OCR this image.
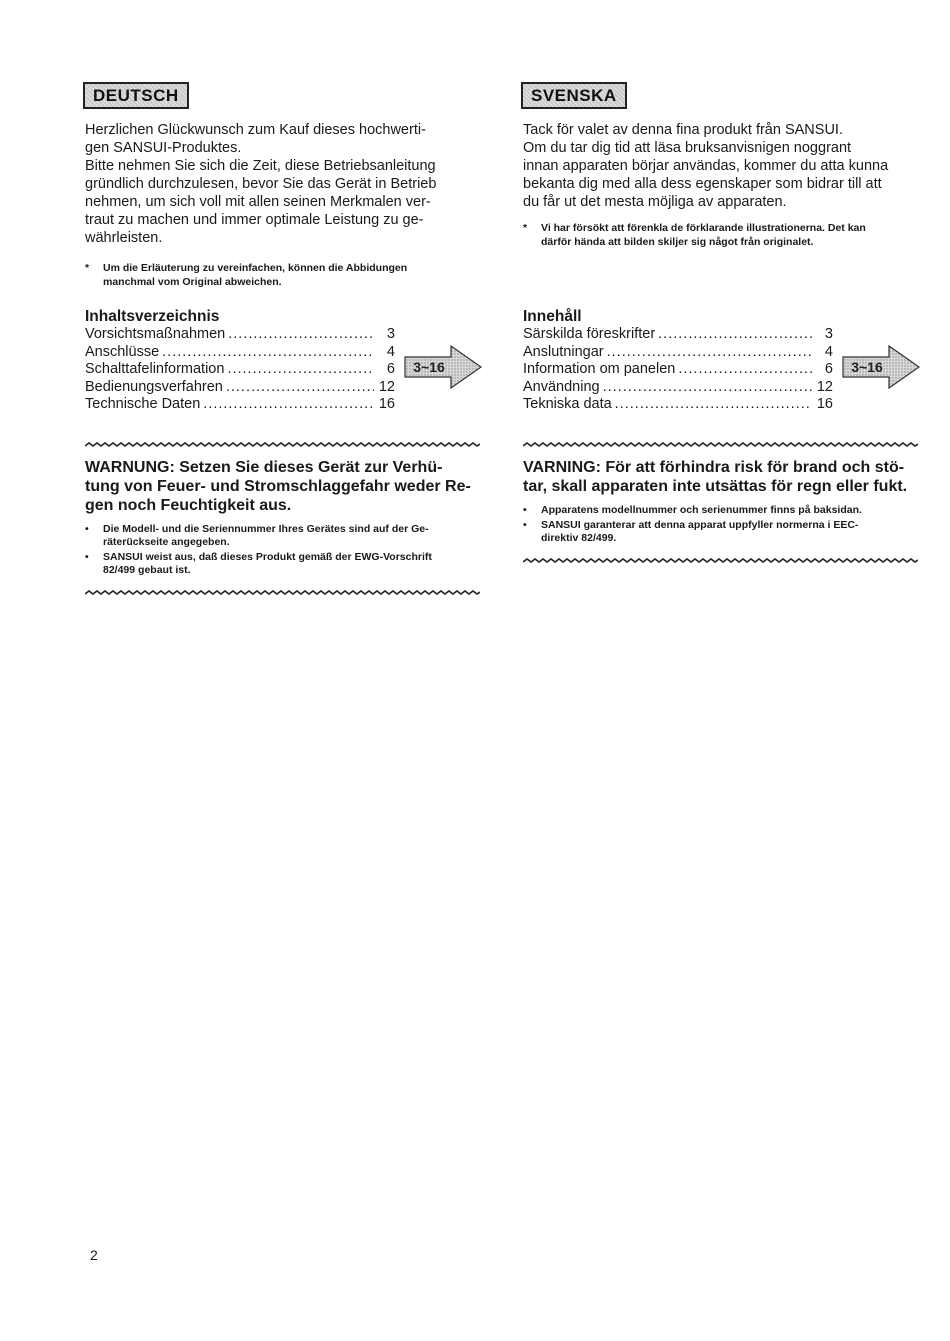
DEUTSCH

Herzlichen Glückwunsch zum Kauf dieses hochwerti-

gen SANSUI-Produktes.

Bitte nehmen Sie sich die Zeit, diese Betriebsanleitung

gründlich durchzulesen, bevor Sie das Gerät in Betrieb

nehmen, um sich voll mit allen seinen Merkmalen ver-

traut zu machen und immer optimale Leistung zu ge-

währleisten.

*	Um die Erläuterung zu vereinfachen, können die Abbidungen
manchmal vom Original abweichen.

Inhaltsverzeichnis

Vorsichtsmaßnahmen .....	3
Anschlüsse .....	4
Schalttafelinformation .....	6
Bedienungsverfahren .....	12
Technische Daten .....	16
3~16

WARNUNG: Setzen Sie dieses Gerät zur Verhü-

tung von Feuer- und Stromschlaggefahr weder Re-

gen noch Feuchtigkeit aus.

•	Die Modell- und die Seriennummer Ihres Gerätes sind auf der Ge-
räterückseite angegeben.
•	SANSUI weist aus, daß dieses Produkt gemäß der EWG-Vorschrift
82/499 gebaut ist.
SVENSKA

Tack för valet av denna fina produkt från SANSUI.

Om du tar dig tid att läsa bruksanvisnigen noggrant

innan apparaten börjar användas, kommer du atta kunna

bekanta dig med alla dess egenskaper som bidrar till att

du får ut det mesta möjliga av apparaten.

*	Vi har försökt att förenkla de förklarande illustrationerna. Det kan
därför hända att bilden skiljer sig något från originalet.

Innehåll

Särskilda föreskrifter .....	3
Anslutningar .....	4
Information om panelen .....	6
Användning .....	12
Tekniska data .....	16
3~16

VARNING: För att förhindra risk för brand och stö-

tar, skall apparaten inte utsättas för regn eller fukt.

•	Apparatens modellnummer och serienummer finns på baksidan.
•	SANSUI garanterar att denna apparat uppfyller normerna i EEC-
direktiv 82/499.
2
